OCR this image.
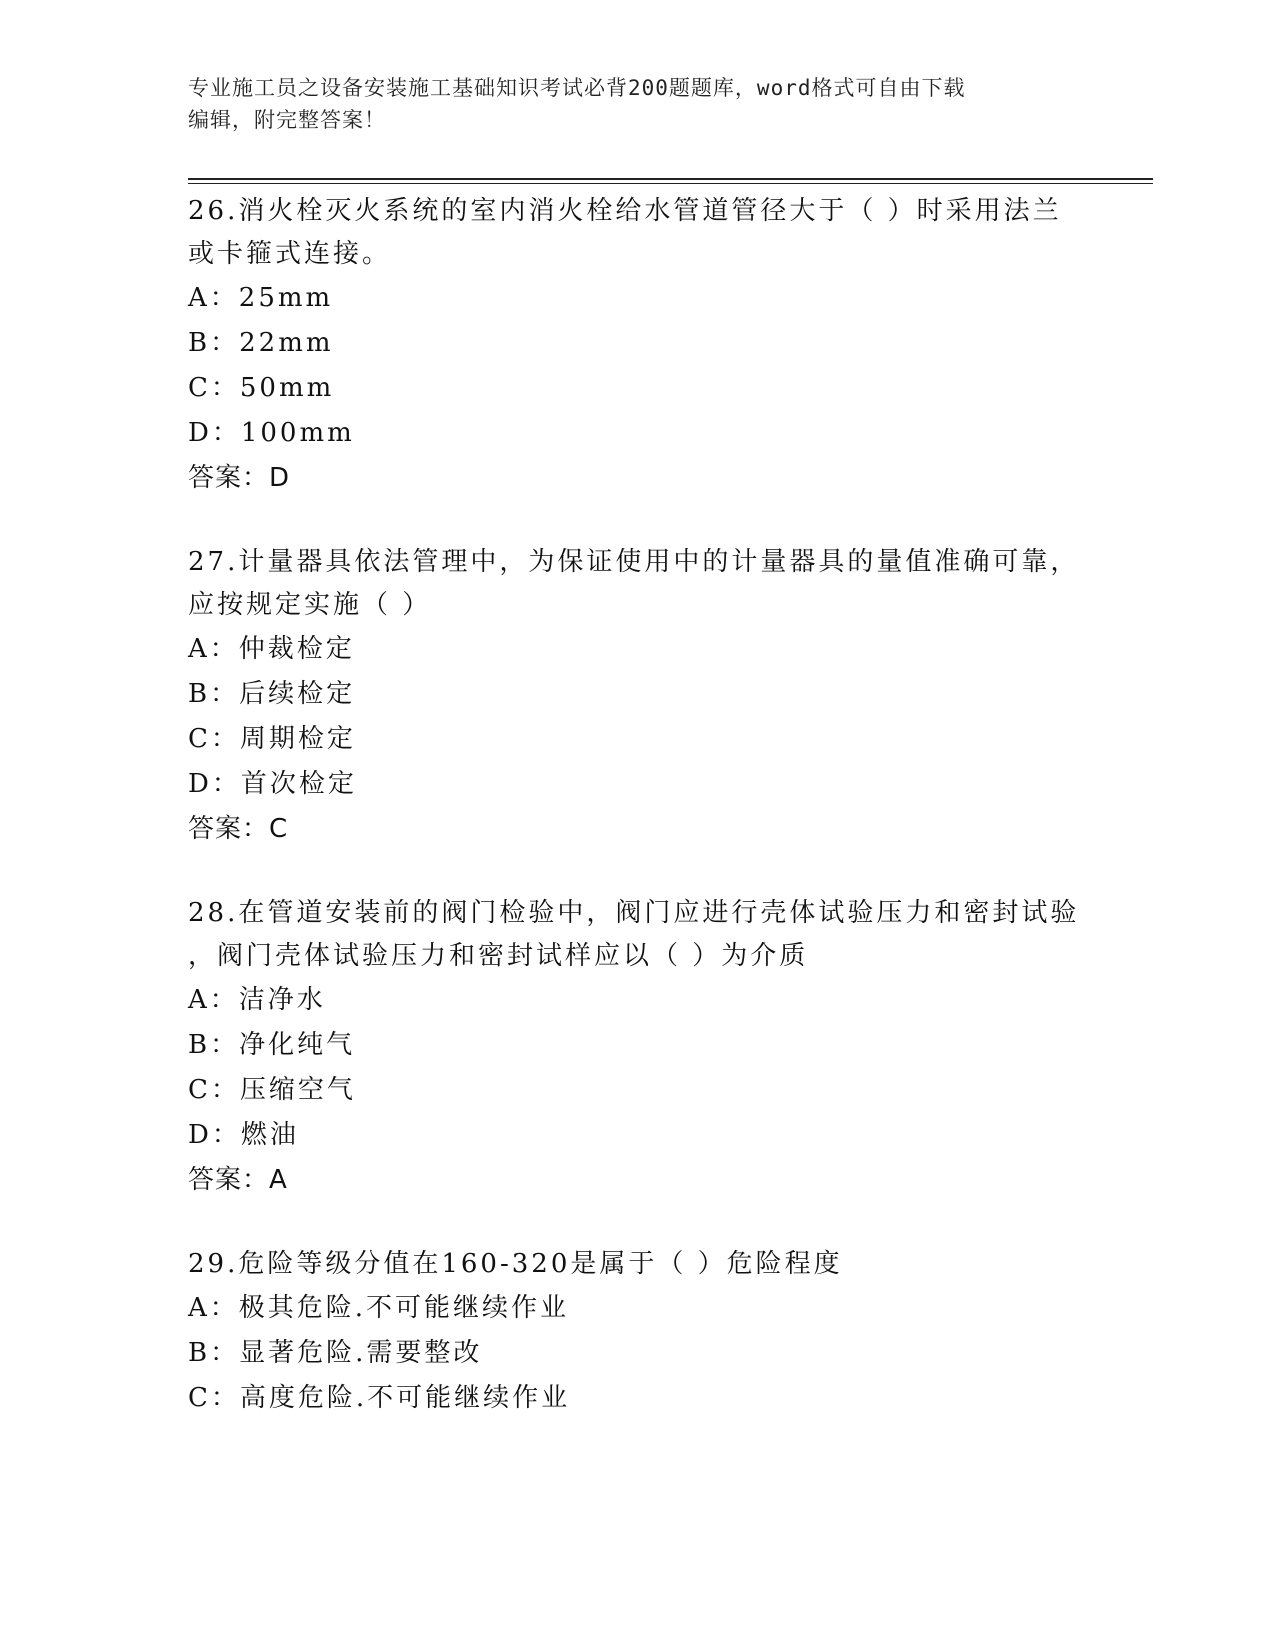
专业施工员之设备安装施工基础知识考试必背200题题库，word格式可自由下载
编辑，附完整答案！

26.消火栓灭火系统的室内消火栓给水管道管径大于（ ）时采用法兰

或卡箍式连接。

A：25mm

B：22mm

C：50mm

D：100mm

答案：D

27.计量器具依法管理中，为保证使用中的计量器具的量值准确可靠，

应按规定实施（ ）

A：仲裁检定

B：后续检定

C：周期检定

D：首次检定

答案：C

28.在管道安装前的阀门检验中，阀门应进行壳体试验压力和密封试验

，阀门壳体试验压力和密封试样应以（ ）为介质

A：洁净水

B：净化纯气

C：压缩空气

D：燃油

答案：A

29.危险等级分值在160-320是属于（ ）危险程度

A：极其危险.不可能继续作业

B：显著危险.需要整改

C：高度危险.不可能继续作业
